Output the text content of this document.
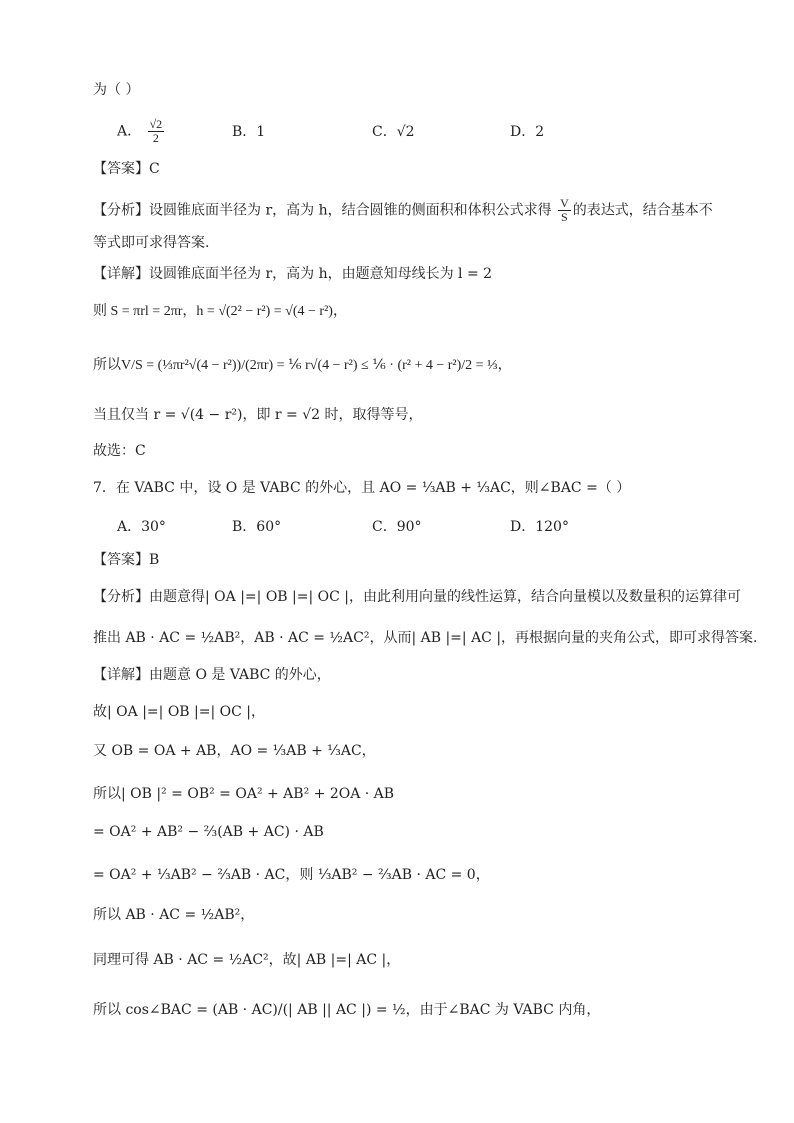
为（ ）
A． $\frac{√2}{2}$	B．1	C．√2	D．2
【答案】C
【分析】设圆锥底面半径为 r，高为 h，结合圆锥的侧面积和体积公式求得 $\frac{V}{S}$ 的表达式，结合基本不
等式即可求得答案.
【详解】设圆锥底面半径为 r，高为 h，由题意知母线长为 l = 2
则 S = πrl = 2πr，h = √(2² − r²) = √(4 − r²)，
所以V/S = (⅓πr²√(4 − r²))/(2πr) = ⅙ r√(4 − r²) ≤ ⅙ · (r² + 4 − r²)/2 = ⅓，
当且仅当 r = √(4 − r²)，即 r = √2 时，取得等号，
故选：C
7．在 VABC 中，设 O 是 VABC 的外心，且 AO = ⅓AB + ⅓AC，则∠BAC =（ ）
A．30°	B．60°	C．90°	D．120°
【答案】B
【分析】由题意得| OA |=| OB |=| OC |，由此利用向量的线性运算，结合向量模以及数量积的运算律可
推出 AB · AC = ½AB²，AB · AC = ½AC²，从而| AB |=| AC |，再根据向量的夹角公式，即可求得答案.
【详解】由题意 O 是 VABC 的外心，
故| OA |=| OB |=| OC |，
又 OB = OA + AB，AO = ⅓AB + ⅓AC，
所以| OB |² = OB² = OA² + AB² + 2OA · AB
= OA² + AB² − ⅔(AB + AC) · AB
= OA² + ⅓AB² − ⅔AB · AC，则 ⅓AB² − ⅔AB · AC = 0，
所以 AB · AC = ½AB²，
同理可得 AB · AC = ½AC²，故| AB |=| AC |，
所以 cos∠BAC = (AB · AC)/(| AB || AC |) = ½，由于∠BAC 为 VABC 内角，
